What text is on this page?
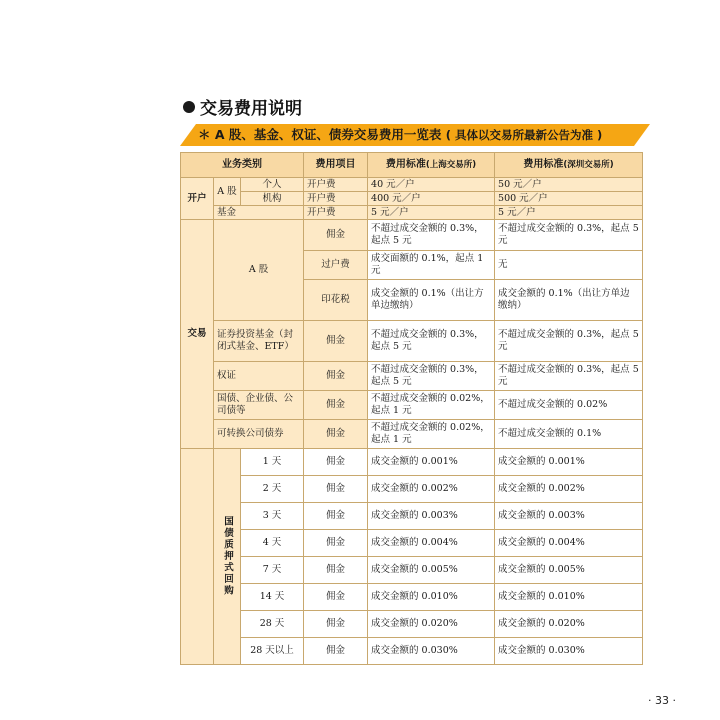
交易费用说明
＊ A 股、基金、权证、债券交易费用一览表 ( 具体以交易所最新公告为准 )
业务类别			费用项目	费用标准(上海交易所)	费用标准(深圳交易所)
开户	A 股	个人	开户费	40 元／户	50 元／户
		机构	开户费	400 元／户	500 元／户
	基金		开户费	5 元／户	5 元／户
交易	A 股		佣金	不超过成交金额的 0.3%，起点 5 元	不超过成交金额的 0.3%，起点 5 元
			过户费	成交面额的 0.1%，起点 1 元	无
			印花税	成交金额的 0.1%（出让方单边缴纳）	成交金额的 0.1%（出让方单边缴纳）
	证券投资基金（封闭式基金、ETF）		佣金	不超过成交金额的 0.3%，起点 5 元	不超过成交金额的 0.3%，起点 5 元
	权证		佣金	不超过成交金额的 0.3%，起点 5 元	不超过成交金额的 0.3%，起点 5 元
	国债、企业债、公司债等		佣金	不超过成交金额的 0.02%，起点 1 元	不超过成交金额的 0.02%
	可转换公司债券		佣金	不超过成交金额的 0.02%，起点 1 元	不超过成交金额的 0.1%

	国债质押式回购	1 天	佣金	成交金额的 0.001%	成交金额的 0.001%
		2 天	佣金	成交金额的 0.002%	成交金额的 0.002%
		3 天	佣金	成交金额的 0.003%	成交金额的 0.003%
		4 天	佣金	成交金额的 0.004%	成交金额的 0.004%
		7 天	佣金	成交金额的 0.005%	成交金额的 0.005%
		14 天	佣金	成交金额的 0.010%	成交金额的 0.010%
		28 天	佣金	成交金额的 0.020%	成交金额的 0.020%
		28 天以上	佣金	成交金额的 0.030%	成交金额的 0.030%
· 33 ·
